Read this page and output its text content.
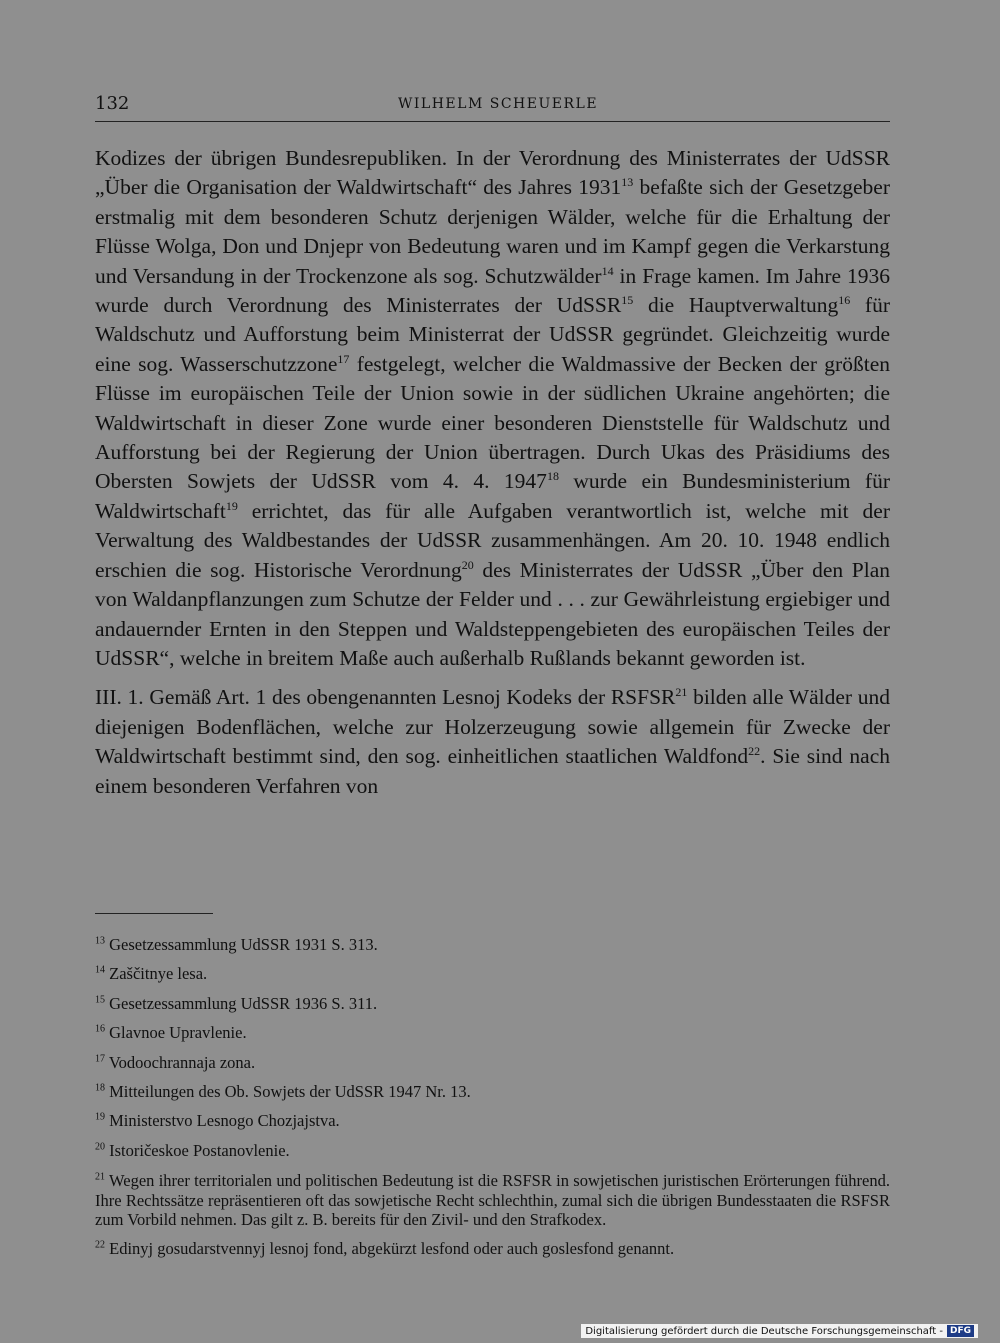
132	WILHELM SCHEUERLE

Kodizes der übrigen Bundesrepubliken. In der Verordnung des Ministerrates der UdSSR „Über die Organisation der Waldwirtschaft“ des Jahres 1931$^{13}$ befaßte sich der Gesetzgeber erstmalig mit dem besonderen Schutz derjenigen Wälder, welche für die Erhaltung der Flüsse Wolga, Don und Dnjepr von Bedeutung waren und im Kampf gegen die Verkarstung und Versandung in der Trockenzone als sog. Schutzwälder$^{14}$ in Frage kamen. Im Jahre 1936 wurde durch Verordnung des Ministerrates der UdSSR$^{15}$ die Hauptverwaltung$^{16}$ für Waldschutz und Aufforstung beim Ministerrat der UdSSR gegründet. Gleichzeitig wurde eine sog. Wasserschutzzone$^{17}$ festgelegt, welcher die Waldmassive der Becken der größten Flüsse im europäischen Teile der Union sowie in der südlichen Ukraine angehörten; die Waldwirtschaft in dieser Zone wurde einer besonderen Dienststelle für Waldschutz und Aufforstung bei der Regierung der Union übertragen. Durch Ukas des Präsidiums des Obersten Sowjets der UdSSR vom 4. 4. 1947$^{18}$ wurde ein Bundesministerium für Waldwirtschaft$^{19}$ errichtet, das für alle Aufgaben verantwortlich ist, welche mit der Verwaltung des Waldbestandes der UdSSR zusammenhängen. Am 20. 10. 1948 endlich erschien die sog. Historische Verordnung$^{20}$ des Ministerrates der UdSSR „Über den Plan von Waldanpflanzungen zum Schutze der Felder und . . . zur Gewährleistung ergiebiger und andauernder Ernten in den Steppen und Waldsteppengebieten des europäischen Teiles der UdSSR“, welche in breitem Maße auch außerhalb Rußlands bekannt geworden ist.

III. 1. Gemäß Art. 1 des obengenannten Lesnoj Kodeks der RSFSR$^{21}$ bilden alle Wälder und diejenigen Bodenflächen, welche zur Holzerzeugung sowie allgemein für Zwecke der Waldwirtschaft bestimmt sind, den sog. einheitlichen staatlichen Waldfond$^{22}$. Sie sind nach einem besonderen Verfahren von

$^{13}$ Gesetzessammlung UdSSR 1931 S. 313.

$^{14}$ Zaščitnye lesa.

$^{15}$ Gesetzessammlung UdSSR 1936 S. 311.

$^{16}$ Glavnoe Upravlenie.

$^{17}$ Vodoochrannaja zona.

$^{18}$ Mitteilungen des Ob. Sowjets der UdSSR 1947 Nr. 13.

$^{19}$ Ministerstvo Lesnogo Chozjajstva.

$^{20}$ Istoričeskoe Postanovlenie.

$^{21}$ Wegen ihrer territorialen und politischen Bedeutung ist die RSFSR in sowjetischen juristischen Erörterungen führend. Ihre Rechtssätze repräsentieren oft das sowjetische Recht schlechthin, zumal sich die übrigen Bundesstaaten die RSFSR zum Vorbild nehmen. Das gilt z. B. bereits für den Zivil- und den Strafkodex.

$^{22}$ Edinyj gosudarstvennyj lesnoj fond, abgekürzt lesfond oder auch goslesfond genannt.

Digitalisierung gefördert durch die Deutsche Forschungsgemeinschaft - DFG
